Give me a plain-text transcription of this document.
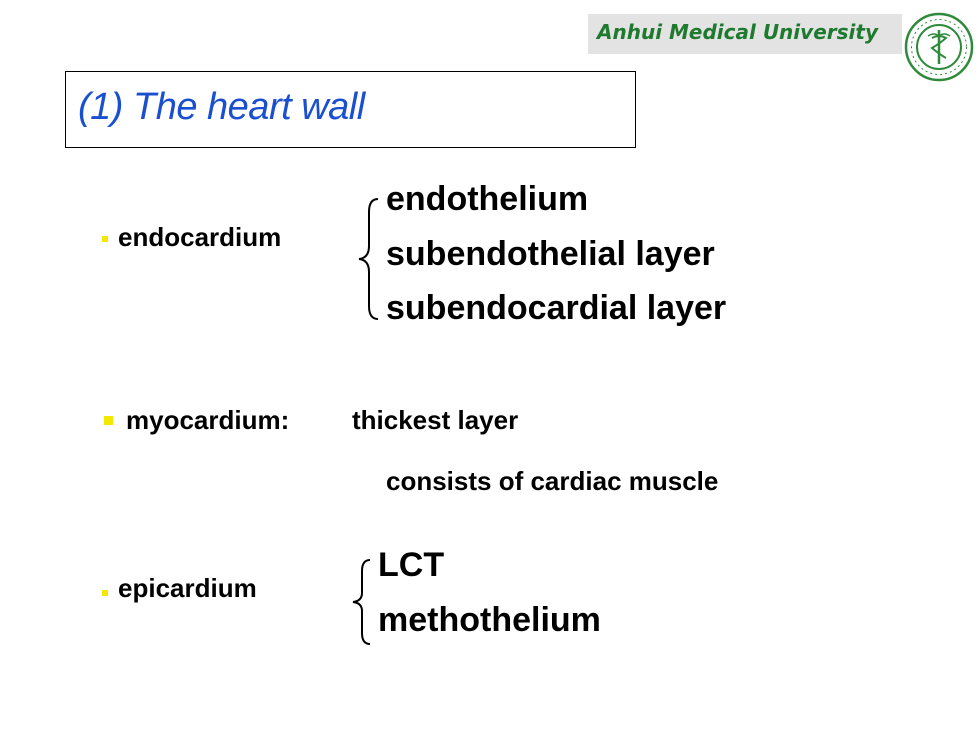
Anhui Medical University
(1) The heart wall
endocardium
endothelium
subendothelial layer
subendocardial layer
myocardium: thickest layer
consists of cardiac muscle
epicardium
LCT
methothelium
